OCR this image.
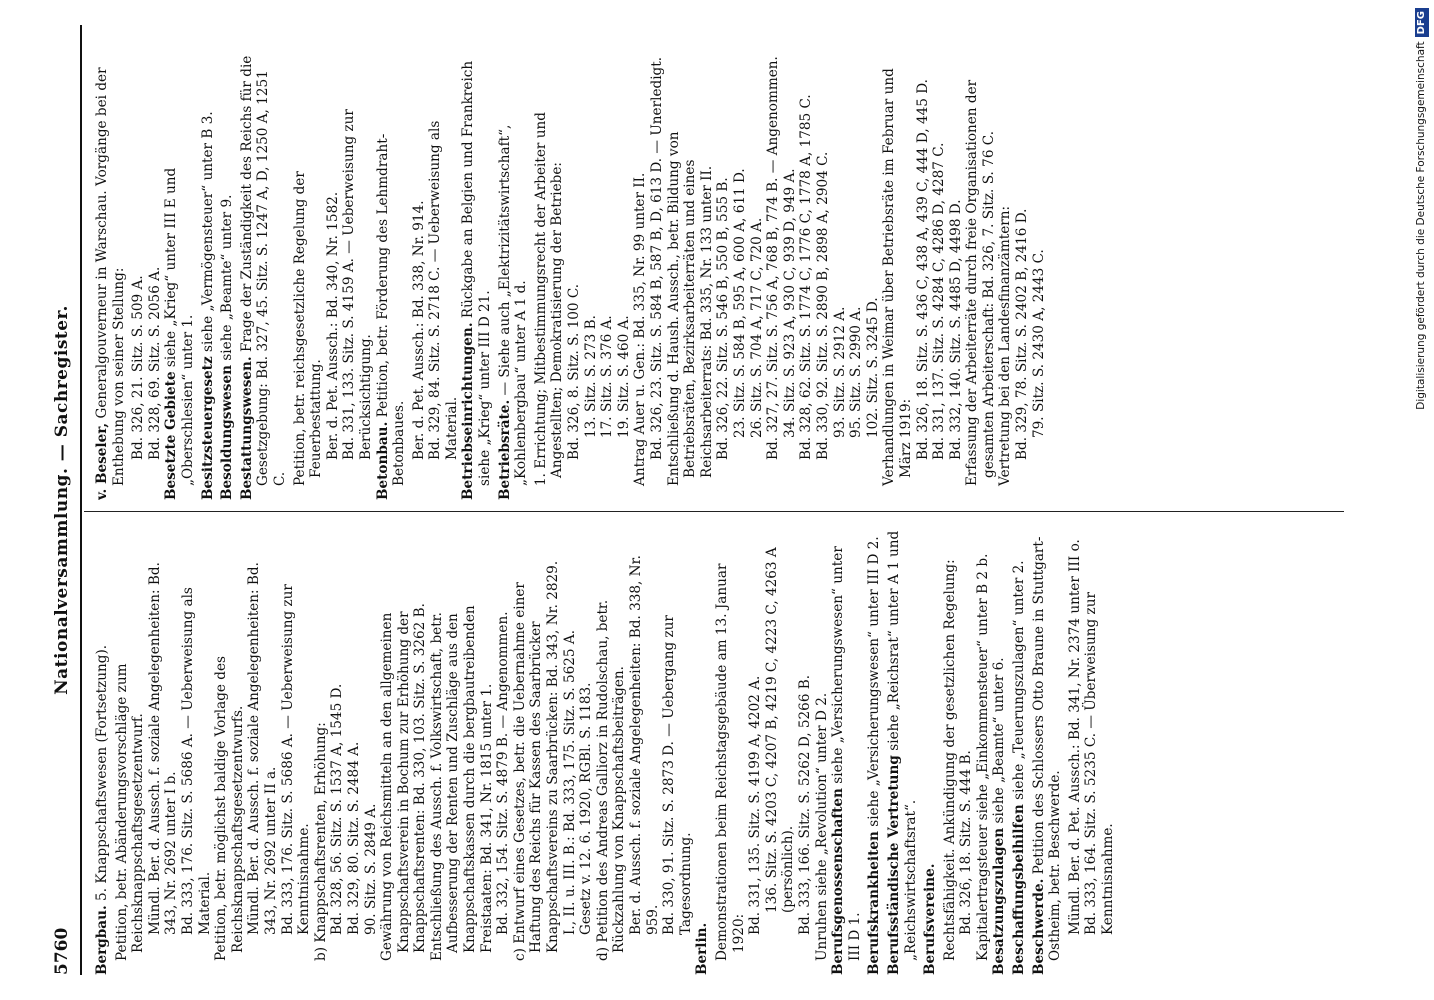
5760
Nationalversammlung. — Sachregister.
Bergbau. 5. Knappschaftswesen (Fortsetzung). Petition, betr. Abänderungsvorschläge zum Reichsknappschaftsgesetzentwurf. Mündl. Ber. d. Aussch. f. soziale Angelegenheiten: Bd. 343, Nr. 2692 unter I b. Bd. 333, 176. Sitz. S. 5686 A. — Ueberweisung als Material. Petition, betr. möglichst baldige Vorlage des Reichsknappschaftsgesetzentwurfs. Mündl. Ber. d. Aussch. f. soziale Angelegenheiten: Bd. 343, Nr. 2692 unter II a. Bd. 333, 176. Sitz. S. 5686 A. — Ueberweisung zur Kenntnisnahme. b) Knappschaftsrenten, Erhöhung: Bd. 328, 56. Sitz. S. 1537 A, 1545 D. Bd. 329, 80. Sitz. S. 2484 A. 90. Sitz. S. 2849 A. Gewährung von Reichsmitteln an den allgemeinen Knappschaftsverein in Bochum zur Erhöhung der Knappschaftsrenten: Bd. 330, 103. Sitz. S. 3262 B. Entschließung des Aussch. f. Volkswirtschaft, betr. Aufbesserung der Renten und Zuschläge aus den Knappschaftskassen durch die bergbautreibenden Freistaaten: Bd. 341, Nr. 1815 unter 1. Bd. 332, 154. Sitz. S. 4879 B. — Angenommen. c) Entwurf eines Gesetzes, betr. die Uebernahme einer Haftung des Reichs für Kassen des Saarbrücker Knappschaftsvereins zu Saarbrücken: Bd. 343, Nr. 2829. I., II. u. III. B.: Bd. 333, 175. Sitz. S. 5625 A. Gesetz v. 12. 6. 1920, RGBl. S. 1183. d) Petition des Andreas Galliorz in Rudolschau, betr. Rückzahlung von Knappschaftsbeiträgen. Ber. d. Aussch. f. soziale Angelegenheiten: Bd. 338, Nr. 959. Bd. 330, 91. Sitz. S. 2873 D. — Uebergang zur Tagesordnung.
Berlin. Demonstrationen beim Reichstagsgebäude am 13. Januar 1920: Bd. 331, 135. Sitz. S. 4199 A, 4202 A. 136. Sitz. S. 4203 C, 4207 B, 4219 C, 4223 C, 4263 A (persönlich). Bd. 333, 166. Sitz. S. 5262 D, 5266 B. Unruhen siehe „Revolution“ unter D 2. Berufsgenossenschaften siehe „Versicherungswesen“ unter III D 1. Berufskrankheiten siehe „Versicherungswesen“ unter III D 2.
Berufsständische Vertretung siehe „Reichsrat“ unter A 1 und „Reichswirtschaftsrat“. Berufsvereine. Rechtsfähigkeit. Ankündigung der gesetzlichen Regelung: Bd. 326, 18. Sitz. S. 444 B. Kapitalertragsteuer siehe „Einkommensteuer“ unter B 2 b. Besatzungszulagen siehe „Beamte“ unter 6.
Beschaffungsbeihilfen siehe „Teuerungszulagen“ unter 2.
Beschwerde. Petition des Schlossers Otto Braune in Stuttgart-Ostheim, betr. Beschwerde. Mündl. Ber. d. Pet. Aussch.: Bd. 341, Nr. 2374 unter III o. Bd. 333, 164. Sitz. S. 5235 C. — Überweisung zur Kenntnisnahme.
v. Beseler, Generalgouverneur in Warschau. Vorgänge bei der Enthebung von seiner Stellung: Bd. 326, 21. Sitz. S. 509 A. Bd. 328, 69. Sitz. S. 2056 A. Besetzte Gebiete siehe „Krieg“ unter III E und „Oberschlesien“ unter 1. Besitzsteuergesetz siehe „Vermögensteuer“ unter B 3.
Besoldungswesen siehe „Beamte“ unter 9.
Bestattungswesen. Frage der Zuständigkeit des Reichs für die Gesetzgebung: Bd. 327, 45. Sitz. S. 1247 A, D, 1250 A, 1251 C. Petition, betr. reichsgesetzliche Regelung der Feuerbestattung. Ber. d. Pet. Aussch.: Bd. 340, Nr. 1582. Bd. 331, 133. Sitz. S. 4159 A. — Ueberweisung zur Berücksichtigung.
Betonbau. Petition, betr. Förderung des Lehmdraht-Betonbaues. Ber. d. Pet. Aussch.: Bd. 338, Nr. 914. Bd. 329, 84. Sitz. S. 2718 C. — Ueberweisung als Material. Betriebseinrichtungen. Rückgabe an Belgien und Frankreich siehe „Krieg“ unter III D 21. Betriebsräte. — Siehe auch „Elektrizitätswirtschaft“, „Kohlenbergbau“ unter A 1 d. 1. Errichtung; Mitbestimmungsrecht der Arbeiter und Angestellten; Demokratisierung der Betriebe: Bd. 326, 8. Sitz. S. 100 C. 13. Sitz. S. 273 B. 17. Sitz. S. 376 A. 19. Sitz. S. 460 A. Antrag Auer u. Gen.: Bd. 335, Nr. 99 unter II. Bd. 326, 23. Sitz. S. 584 B, 587 B, D, 613 D. — Unerledigt. Entschließung d. Haush. Aussch., betr. Bildung von Betriebsräten, Bezirksarbeiterräten und eines Reichsarbeiterrats: Bd. 335, Nr. 133 unter II. Bd. 326, 22. Sitz. S. 546 B, 550 B, 555 B. 23. Sitz. S. 584 B, 595 A, 600 A, 611 D. 26. Sitz. S. 704 A, 717 C, 720 A. Bd. 327, 27. Sitz. S. 756 A, 768 B, 774 B. — Angenommen. 34. Sitz. S. 923 A, 930 C, 939 D, 949 A. Bd. 328, 62. Sitz. S. 1774 C, 1776 C, 1778 A, 1785 C. Bd. 330, 92. Sitz. S. 2890 B, 2898 A, 2904 C. 93. Sitz. S. 2912 A. 95. Sitz. S. 2990 A. 102. Sitz. S. 3245 D. Verhandlungen in Weimar über Betriebsräte im Februar und März 1919: Bd. 326, 18. Sitz. S. 436 C, 438 A, 439 C, 444 D, 445 D. Bd. 331, 137. Sitz. S. 4284 C, 4286 D, 4287 C. Bd. 332, 140. Sitz. S. 4485 D, 4498 D. Erfassung der Arbeiterräte durch freie Organisationen der gesamten Arbeiterschaft: Bd. 326, 7. Sitz. S. 76 C. Vertretung bei den Landesfinanzämtern: Bd. 329, 78. Sitz. S. 2402 B, 2416 D. 79. Sitz. S. 2430 A, 2443 C.	Digitalisierung gefördert durch die Deutsche ForschungsgemeinschaftDFG
